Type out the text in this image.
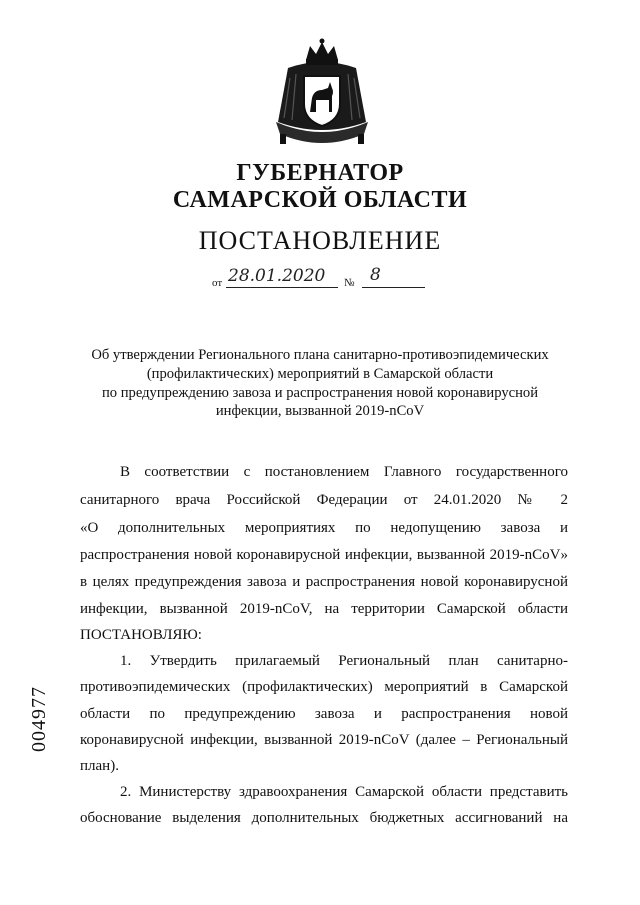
ГУБЕРНАТОР
САМАРСКОЙ ОБЛАСТИ
ПОСТАНОВЛЕНИЕ
от 28.01.2020 № 8
Об утверждении Регионального плана санитарно-противоэпидемических
(профилактических) мероприятий в Самарской области
по предупреждению завоза и распространения новой коронавирусной
инфекции, вызванной 2019-nCoV
В соответствии с постановлением Главного государственного
санитарного врача Российской Федерации от 24.01.2020 № 2
«О дополнительных мероприятиях по недопущению завоза и
распространения новой коронавирусной инфекции, вызванной 2019-nCoV»
в целях предупреждения завоза и распространения новой коронавирусной
инфекции, вызванной 2019-nCoV, на территории Самарской области
ПОСТАНОВЛЯЮ:
1. Утвердить прилагаемый Региональный план санитарно-
противоэпидемических (профилактических) мероприятий в Самарской
области по предупреждению завоза и распространения новой
коронавирусной инфекции, вызванной 2019-nCoV (далее – Региональный
план).
2. Министерству здравоохранения Самарской области представить
обоснование выделения дополнительных бюджетных ассигнований на
004977
